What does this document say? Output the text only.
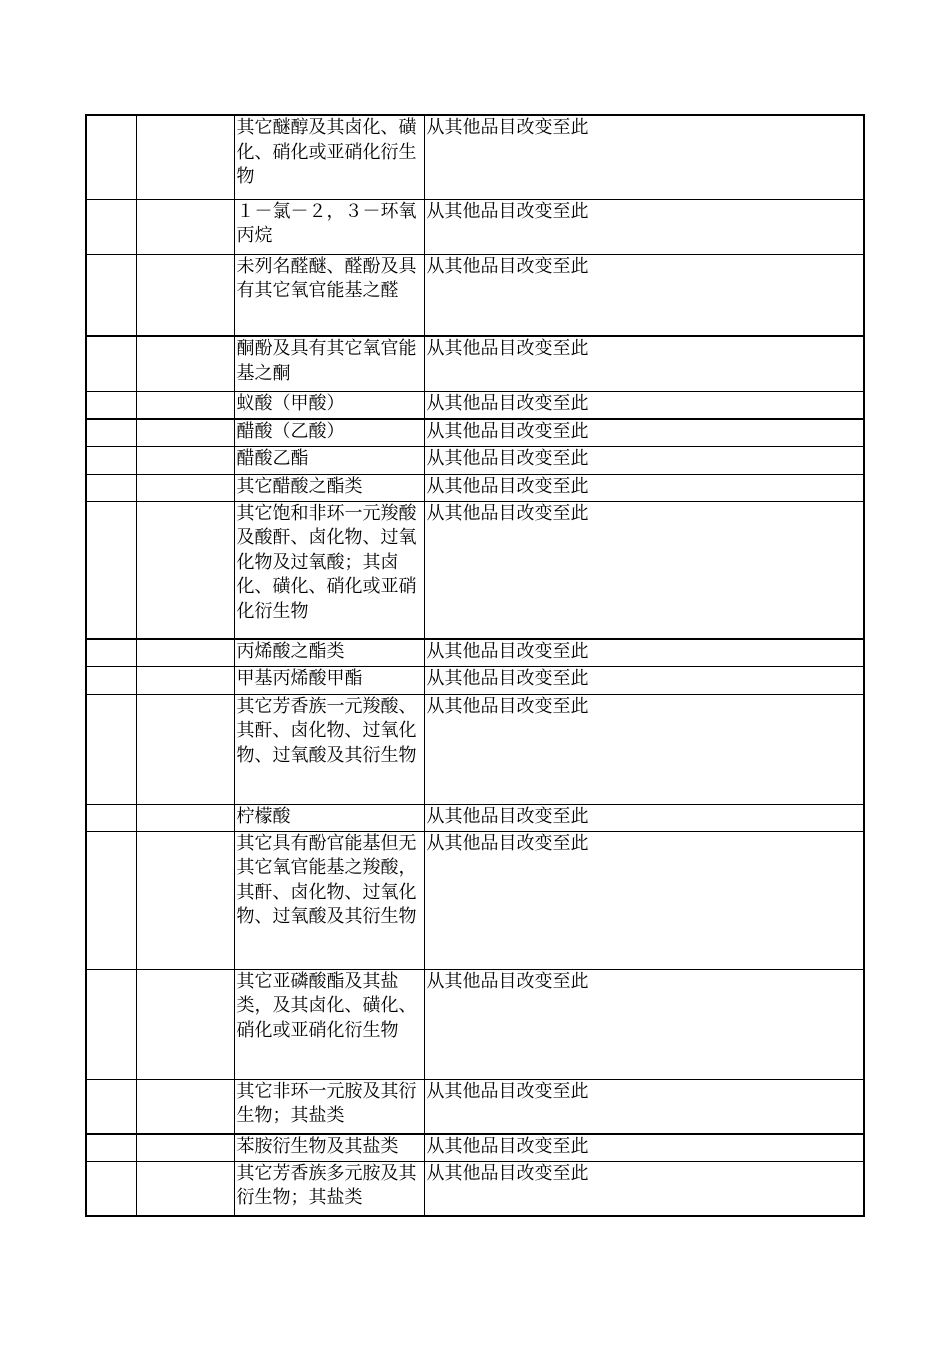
		其它醚醇及其卤化、磺化、硝化或亚硝化衍生物	从其他品目改变至此
		１－氯－２，３－环氧丙烷	从其他品目改变至此
		未列名醛醚、醛酚及具有其它氧官能基之醛	从其他品目改变至此
		酮酚及具有其它氧官能基之酮	从其他品目改变至此
		蚁酸（甲酸）	从其他品目改变至此
		醋酸（乙酸）	从其他品目改变至此
		醋酸乙酯	从其他品目改变至此
		其它醋酸之酯类	从其他品目改变至此
		其它饱和非环一元羧酸及酸酐、卤化物、过氧化物及过氧酸；其卤化、磺化、硝化或亚硝化衍生物	从其他品目改变至此
		丙烯酸之酯类	从其他品目改变至此
		甲基丙烯酸甲酯	从其他品目改变至此
		其它芳香族一元羧酸、其酐、卤化物、过氧化物、过氧酸及其衍生物	从其他品目改变至此
		柠檬酸	从其他品目改变至此
		其它具有酚官能基但无其它氧官能基之羧酸，其酐、卤化物、过氧化物、过氧酸及其衍生物	从其他品目改变至此
		其它亚磷酸酯及其盐类，及其卤化、磺化、硝化或亚硝化衍生物	从其他品目改变至此
		其它非环一元胺及其衍生物；其盐类	从其他品目改变至此
		苯胺衍生物及其盐类	从其他品目改变至此
		其它芳香族多元胺及其衍生物；其盐类	从其他品目改变至此
